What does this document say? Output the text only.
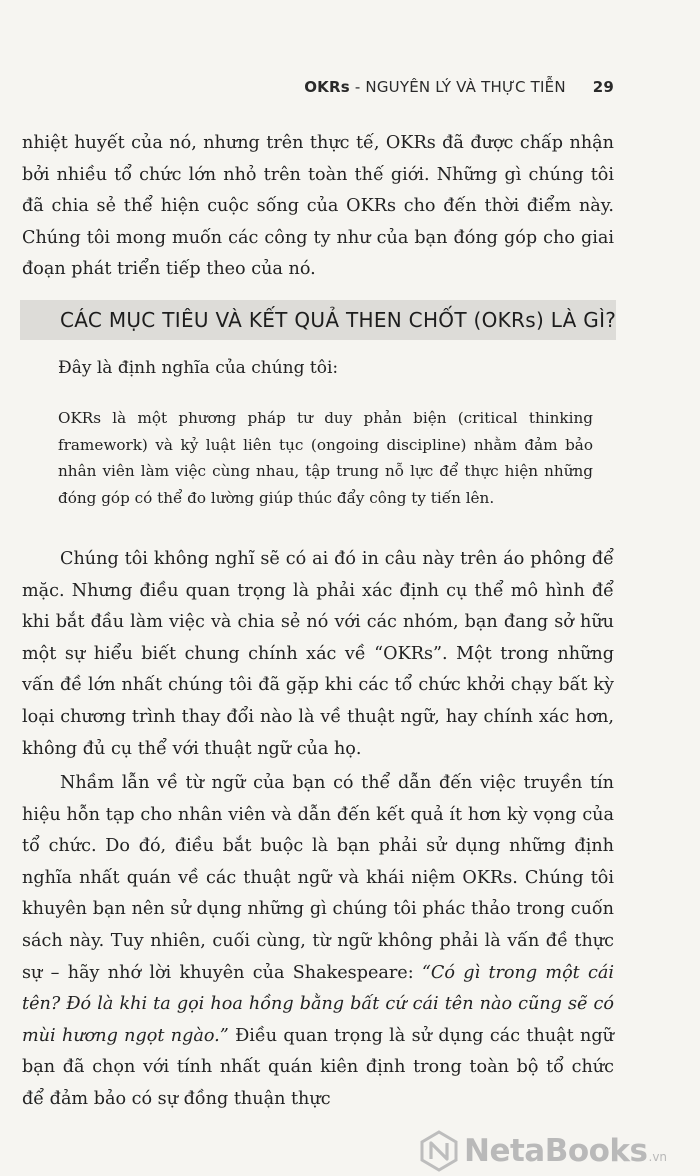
OKRs - NGUYÊN LÝ VÀ THỰC TIỄN 29

nhiệt huyết của nó, nhưng trên thực tế, OKRs đã được chấp nhận bởi nhiều tổ chức lớn nhỏ trên toàn thế giới. Những gì chúng tôi đã chia sẻ thể hiện cuộc sống của OKRs cho đến thời điểm này. Chúng tôi mong muốn các công ty như của bạn đóng góp cho giai đoạn phát triển tiếp theo của nó.

CÁC MỤC TIÊU VÀ KẾT QUẢ THEN CHỐT (OKRs) LÀ GÌ?

Đây là định nghĩa của chúng tôi:

OKRs là một phương pháp tư duy phản biện (critical thinking framework) và kỷ luật liên tục (ongoing discipline) nhằm đảm bảo nhân viên làm việc cùng nhau, tập trung nỗ lực để thực hiện những đóng góp có thể đo lường giúp thúc đẩy công ty tiến lên.

Chúng tôi không nghĩ sẽ có ai đó in câu này trên áo phông để mặc. Nhưng điều quan trọng là phải xác định cụ thể mô hình để khi bắt đầu làm việc và chia sẻ nó với các nhóm, bạn đang sở hữu một sự hiểu biết chung chính xác về “OKRs”. Một trong những vấn đề lớn nhất chúng tôi đã gặp khi các tổ chức khởi chạy bất kỳ loại chương trình thay đổi nào là về thuật ngữ, hay chính xác hơn, không đủ cụ thể với thuật ngữ của họ.

Nhầm lẫn về từ ngữ của bạn có thể dẫn đến việc truyền tín hiệu hỗn tạp cho nhân viên và dẫn đến kết quả ít hơn kỳ vọng của tổ chức. Do đó, điều bắt buộc là bạn phải sử dụng những định nghĩa nhất quán về các thuật ngữ và khái niệm OKRs. Chúng tôi khuyên bạn nên sử dụng những gì chúng tôi phác thảo trong cuốn sách này. Tuy nhiên, cuối cùng, từ ngữ không phải là vấn đề thực sự – hãy nhớ lời khuyên của Shakespeare: “Có gì trong một cái tên? Đó là khi ta gọi hoa hồng bằng bất cứ cái tên nào cũng sẽ có mùi hương ngọt ngào.” Điều quan trọng là sử dụng các thuật ngữ bạn đã chọn với tính nhất quán kiên định trong toàn bộ tổ chức để đảm bảo có sự đồng thuận thực

NetaBooks .vn
